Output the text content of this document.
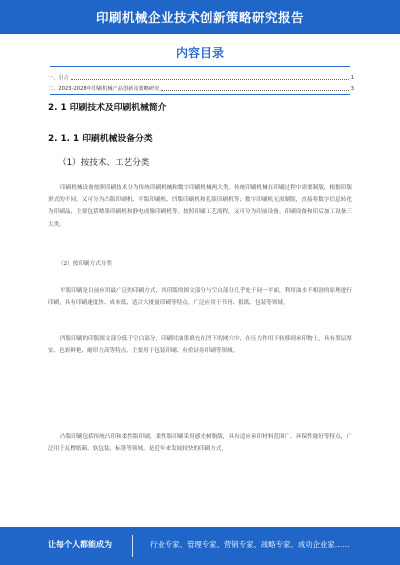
印刷机械企业技术创新策略研究报告
内容目录
一、引言	1
二、2023-2028年印刷机械产品创新及策略研究	3
2. 1 印刷技术及印刷机械简介
2. 1. 1 印刷机械设备分类
（1）按技术、工艺分类
印刷机械设备按照印刷技术分为传统印刷机械和数字印刷机械两大类。传统印刷机械在印刷过程中需要制版，根据印版形式的不同，又可分为凸版印刷机、平版印刷机、凹版印刷机和孔版印刷机等；数字印刷机无需制版，直接将数字信息转化为印刷品，主要包括喷墨印刷机和静电成像印刷机等。按照印刷工艺流程，又可分为印前设备、印刷设备和印后加工设备三大类。
（2）按印刷方式分类
平版印刷是目前应用最广泛的印刷方式，其印版的图文部分与空白部分几乎处于同一平面，利用油水不相溶的原理进行印刷，具有印刷速度快、成本低、适合大批量印刷等特点，广泛应用于书刊、报纸、包装等领域。
凹版印刷的印版图文部分低于空白部分，印刷时油墨填充在凹下的网穴中，在压力作用下转移到承印物上，具有墨层厚实、色彩鲜艳、耐印力高等特点，主要用于包装印刷、有价证券印刷等领域。
凸版印刷包括传统凸印和柔性版印刷，柔性版印刷采用感光树脂版，具有适应承印材料范围广、环保性能好等特点，广泛用于瓦楞纸箱、软包装、标签等领域，是近年来发展较快的印刷方式。
让每个人都能成为	行业专家、管理专家、营销专家、战略专家、成功企业家……
